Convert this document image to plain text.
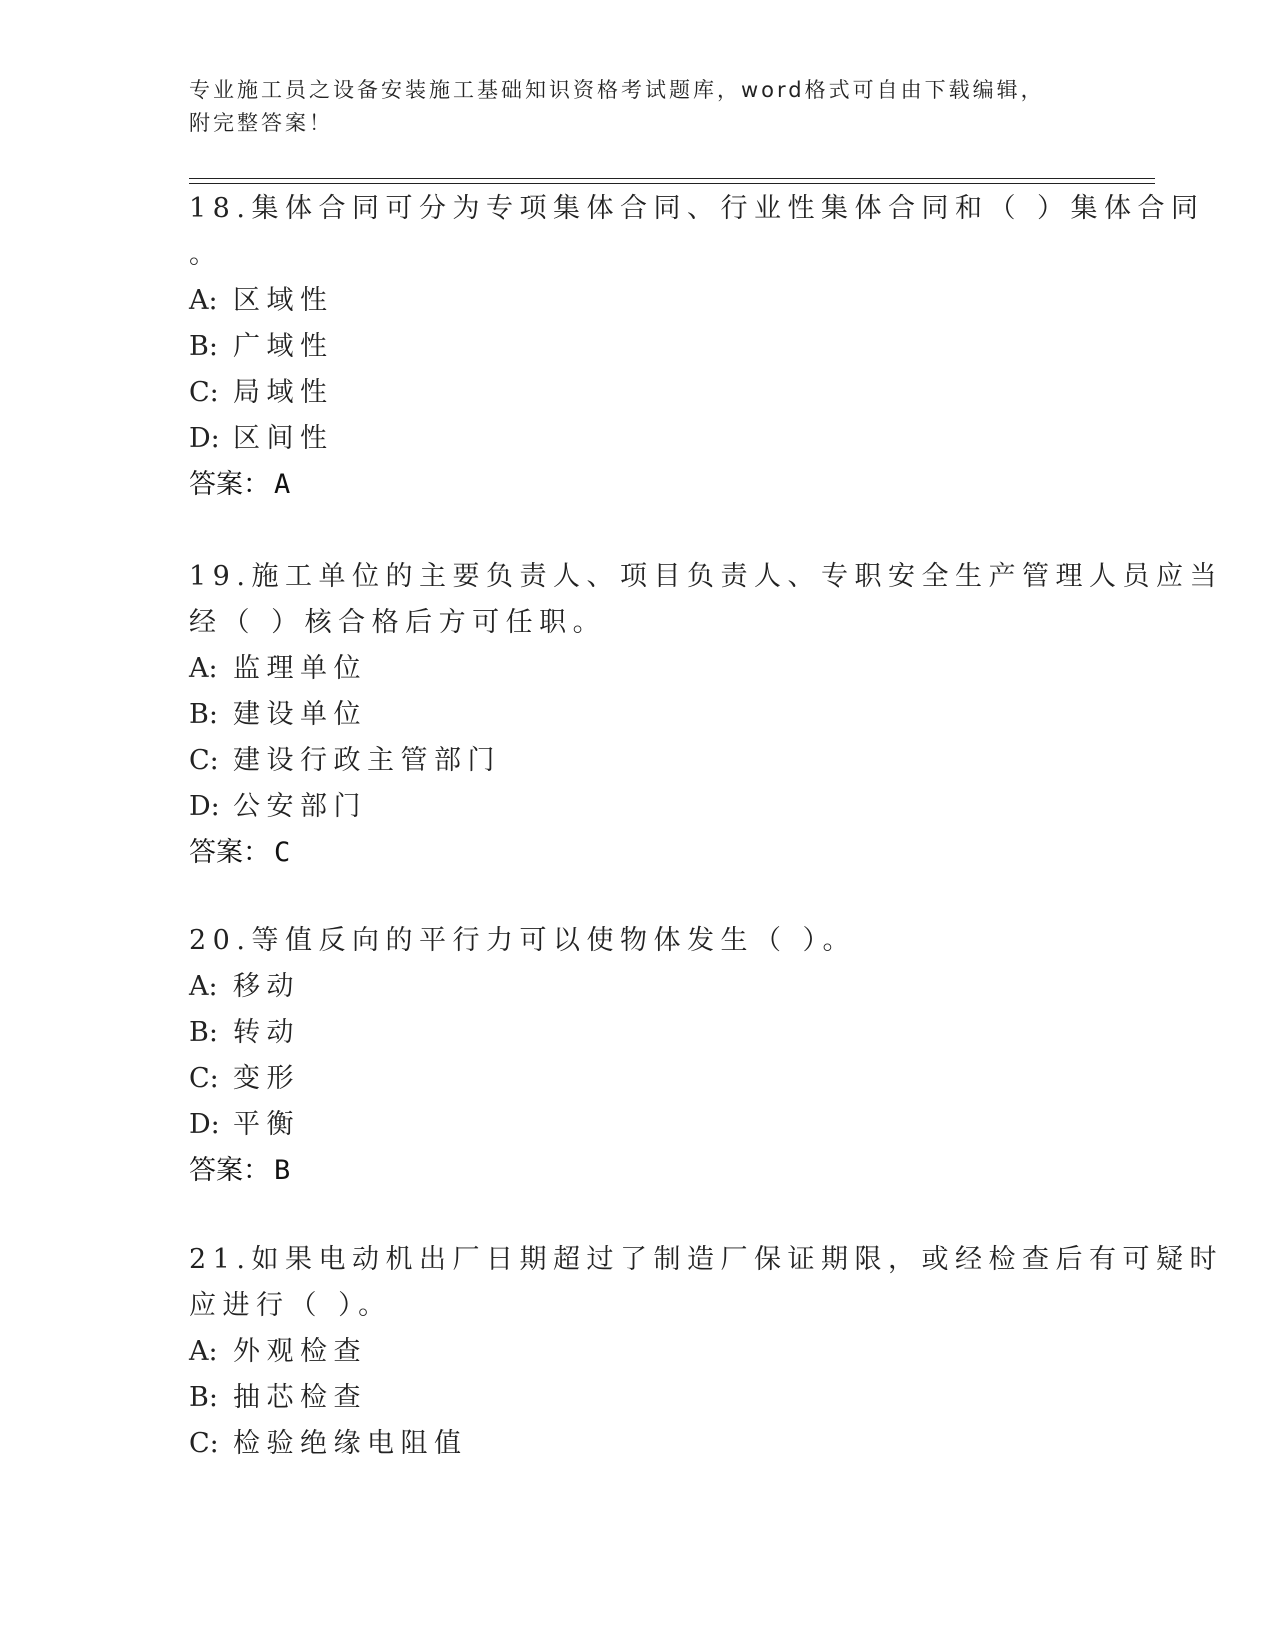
专业施工员之设备安装施工基础知识资格考试题库，word格式可自由下载编辑，
附完整答案！
18.集体合同可分为专项集体合同、行业性集体合同和（ ）集体合同
。
A: 区域性
B: 广域性
C: 局域性
D: 区间性
答案： A
19.施工单位的主要负责人、项目负责人、专职安全生产管理人员应当
经（ ）核合格后方可任职。
A: 监理单位
B: 建设单位
C: 建设行政主管部门
D: 公安部门
答案： C
20.等值反向的平行力可以使物体发生（ ）。
A: 移动
B: 转动
C: 变形
D: 平衡
答案： B
21.如果电动机出厂日期超过了制造厂保证期限，或经检查后有可疑时
应进行（ ）。
A: 外观检查
B: 抽芯检查
C: 检验绝缘电阻值
